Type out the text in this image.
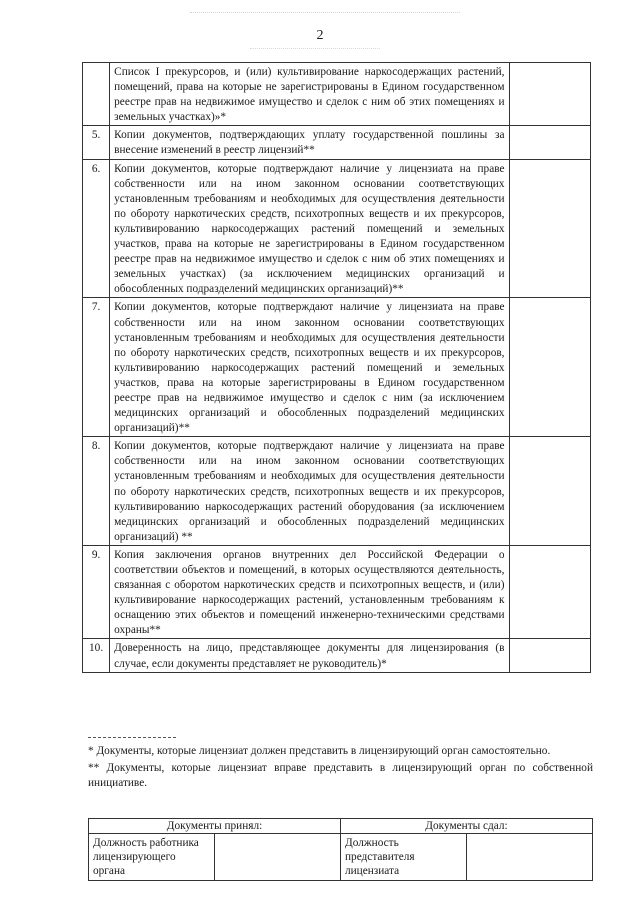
2
	Список I прекурсоров, и (или) культивирование наркосодержащих растений, помещений, права на которые не зарегистрированы в Едином государственном реестре прав на недвижимое имущество и сделок с ним об этих помещениях и земельных участках)»*	
5.	Копии документов, подтверждающих уплату государственной пошлины за внесение изменений в реестр лицензий**	
6.	Копии документов, которые подтверждают наличие у лицензиата на праве собственности или на ином законном основании соответствующих установленным требованиям и необходимых для осуществления деятельности по обороту наркотических средств, психотропных веществ и их прекурсоров, культивированию наркосодержащих растений помещений и земельных участков, права на которые не зарегистрированы в Едином государственном реестре прав на недвижимое имущество и сделок с ним об этих помещениях и земельных участках) (за исключением медицинских организаций и обособленных подразделений медицинских организаций)**	
7.	Копии документов, которые подтверждают наличие у лицензиата на праве собственности или на ином законном основании соответствующих установленным требованиям и необходимых для осуществления деятельности по обороту наркотических средств, психотропных веществ и их прекурсоров, культивированию наркосодержащих растений помещений и земельных участков, права на которые зарегистрированы в Едином государственном реестре прав на недвижимое имущество и сделок с ним (за исключением медицинских организаций и обособленных подразделений медицинских организаций)**	
8.	Копии документов, которые подтверждают наличие у лицензиата на праве собственности или на ином законном основании соответствующих установленным требованиям и необходимых для осуществления деятельности по обороту наркотических средств, психотропных веществ и их прекурсоров, культивированию наркосодержащих растений оборудования (за исключением медицинских организаций и обособленных подразделений медицинских организаций) **	
9.	Копия заключения органов внутренних дел Российской Федерации о соответствии объектов и помещений, в которых осуществляются деятельность, связанная с оборотом наркотических средств и психотропных веществ, и (или) культивирование наркосодержащих растений, установленным требованиям к оснащению этих объектов и помещений инженерно-техническими средствами охраны**	
10.	Доверенность на лицо, представляющее документы для лицензирования (в случае, если документы представляет не руководитель)*	

* Документы, которые лицензиат должен представить в лицензирующий орган самостоятельно.

** Документы, которые лицензиат вправе представить в лицензирующий орган по собственной инициативе.

Документы принял:		Документы сдал:	
Должность работника лицензирующего органа		Должность представителя лицензиата	
